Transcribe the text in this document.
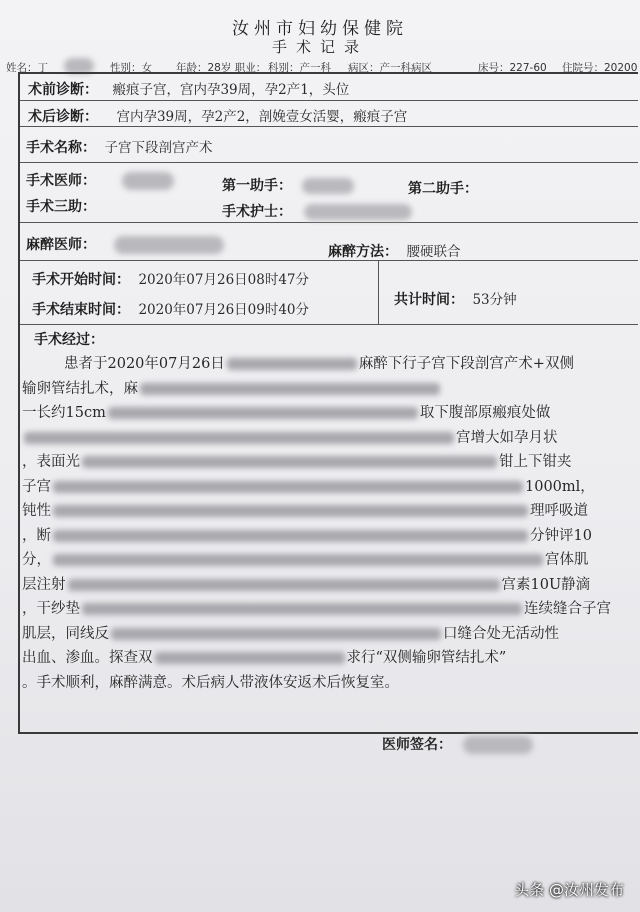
汝州市妇幼保健院
手术记录
姓名：丁	性别：女 年龄：28岁 职业： 科别：产一科 病区：产一科病区	床号：227-60 住院号：20200
术前诊断： 瘢痕子宫，宫内孕39周，孕2产1，头位
术后诊断： 宫内孕39周，孕2产2，剖娩壹女活婴，瘢痕子宫
手术名称： 子宫下段剖宫产术
手术医师：	第一助手：	第二助手：
手术三助：	手术护士：
麻醉医师：	麻醉方法： 腰硬联合
手术开始时间： 2020年07月26日08时47分
手术结束时间： 2020年07月26日09时40分
共计时间： 53分钟
手术经过：

患者于2020年07月26日	麻醉下行子宫下段剖宫产术+双侧

输卵管结扎术，麻

一长约15cm	取下腹部原瘢痕处做

宫增大如孕月状

，表面光	钳上下钳夹

子宫	1000ml，

钝性	理呼吸道

，断	分钟评10

分，	宫体肌

层注射	宫素10U静滴

，干纱垫	连续缝合子宫

肌层，同线反	口缝合处无活动性

出血、渗血。探查双	求行“双侧输卵管结扎术”

。手术顺利，麻醉满意。术后病人带液体安返术后恢复室。

医师签名：
头条 @汝州发布
